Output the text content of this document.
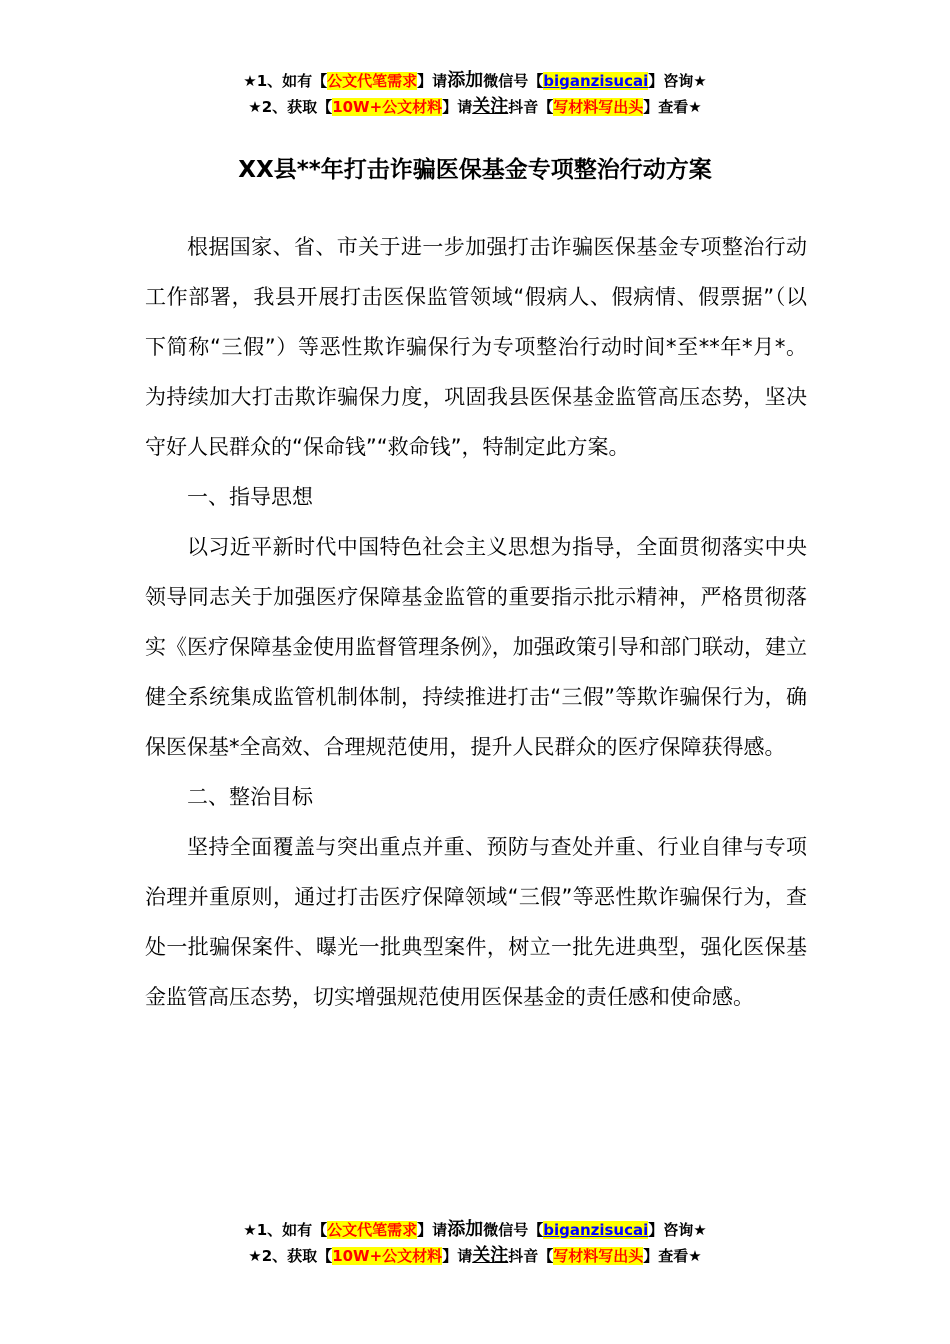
★1、如有【公文代笔需求】请添加微信号【biganzisucai】咨询★
★2、获取【10W+公文材料】请关注抖音【写材料写出头】查看★
XX县**年打击诈骗医保基金专项整治行动方案

根据国家、省、市关于进一步加强打击诈骗医保基金专项整治行动工作部署，我县开展打击医保监管领域“假病人、假病情、假票据”（以下简称“三假”）等恶性欺诈骗保行为专项整治行动时间*至**年*月*。为持续加大打击欺诈骗保力度，巩固我县医保基金监管高压态势，坚决守好人民群众的“保命钱”“救命钱”，特制定此方案。

一、指导思想

以习近平新时代中国特色社会主义思想为指导，全面贯彻落实中央领导同志关于加强医疗保障基金监管的重要指示批示精神，严格贯彻落实《医疗保障基金使用监督管理条例》，加强政策引导和部门联动，建立健全系统集成监管机制体制，持续推进打击“三假”等欺诈骗保行为，确保医保基*全高效、合理规范使用，提升人民群众的医疗保障获得感。

二、整治目标

坚持全面覆盖与突出重点并重、预防与查处并重、行业自律与专项治理并重原则，通过打击医疗保障领域“三假”等恶性欺诈骗保行为，查处一批骗保案件、曝光一批典型案件，树立一批先进典型，强化医保基金监管高压态势，切实增强规范使用医保基金的责任感和使命感。

★1、如有【公文代笔需求】请添加微信号【biganzisucai】咨询★
★2、获取【10W+公文材料】请关注抖音【写材料写出头】查看★
